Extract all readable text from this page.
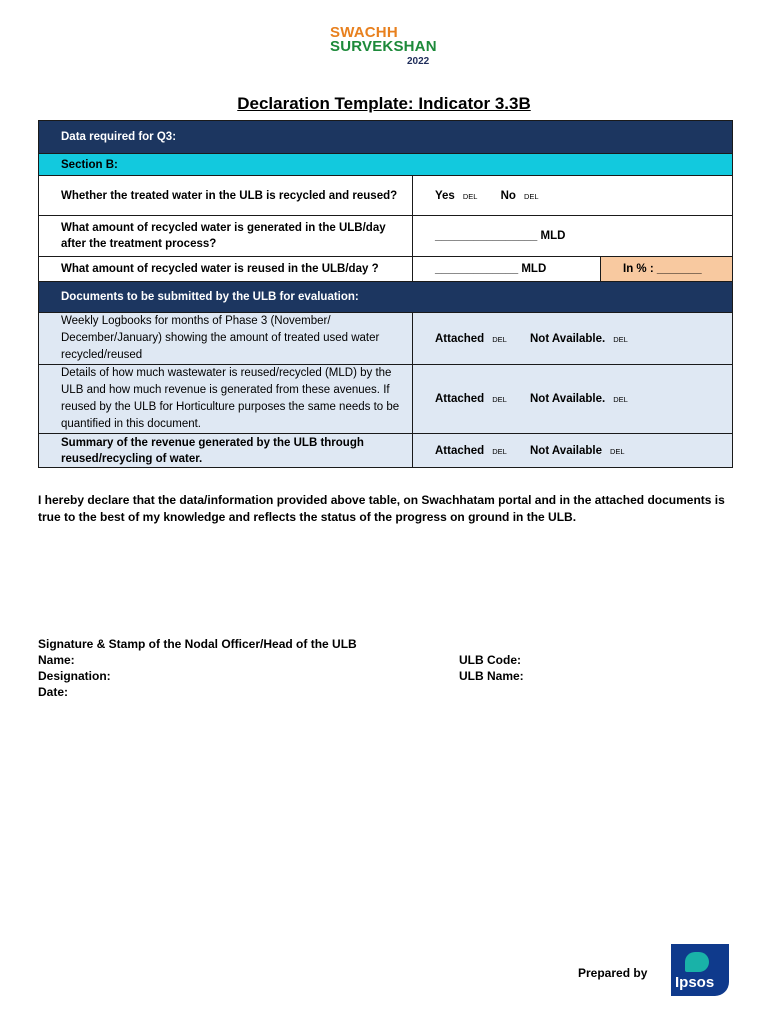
SWACHH
SURVEKSHAN
2022
Declaration Template: Indicator 3.3B
Data required for Q3:		
Section B:		
Whether the treated water in the ULB is recycled and reused?	Yes DEL No DEL	
What amount of recycled water is generated in the ULB/day after the treatment process?	________________ MLD	
What amount of recycled water is reused in the ULB/day ?	_____________ MLD	In % : _______
Documents to be submitted by the ULB for evaluation:		
Weekly Logbooks for months of Phase 3 (November/ December/January) showing the amount of treated used water recycled/reused	Attached DEL Not Available. DEL	
Details of how much wastewater is reused/recycled (MLD) by the ULB and how much revenue is generated from these avenues. If reused by the ULB for Horticulture purposes the same needs to be quantified in this document.	Attached DEL Not Available. DEL	
Summary of the revenue generated by the ULB through reused/recycling of water.	Attached DEL Not Available DEL	
I hereby declare that the data/information provided above table, on Swachhatam portal and in the attached documents is true to the best of my knowledge and reflects the status of the progress on ground in the ULB.
Signature & Stamp of the Nodal Officer/Head of the ULB
Name:
Designation:
Date:
ULB Code:
ULB Name:
Prepared by
Ipsos
